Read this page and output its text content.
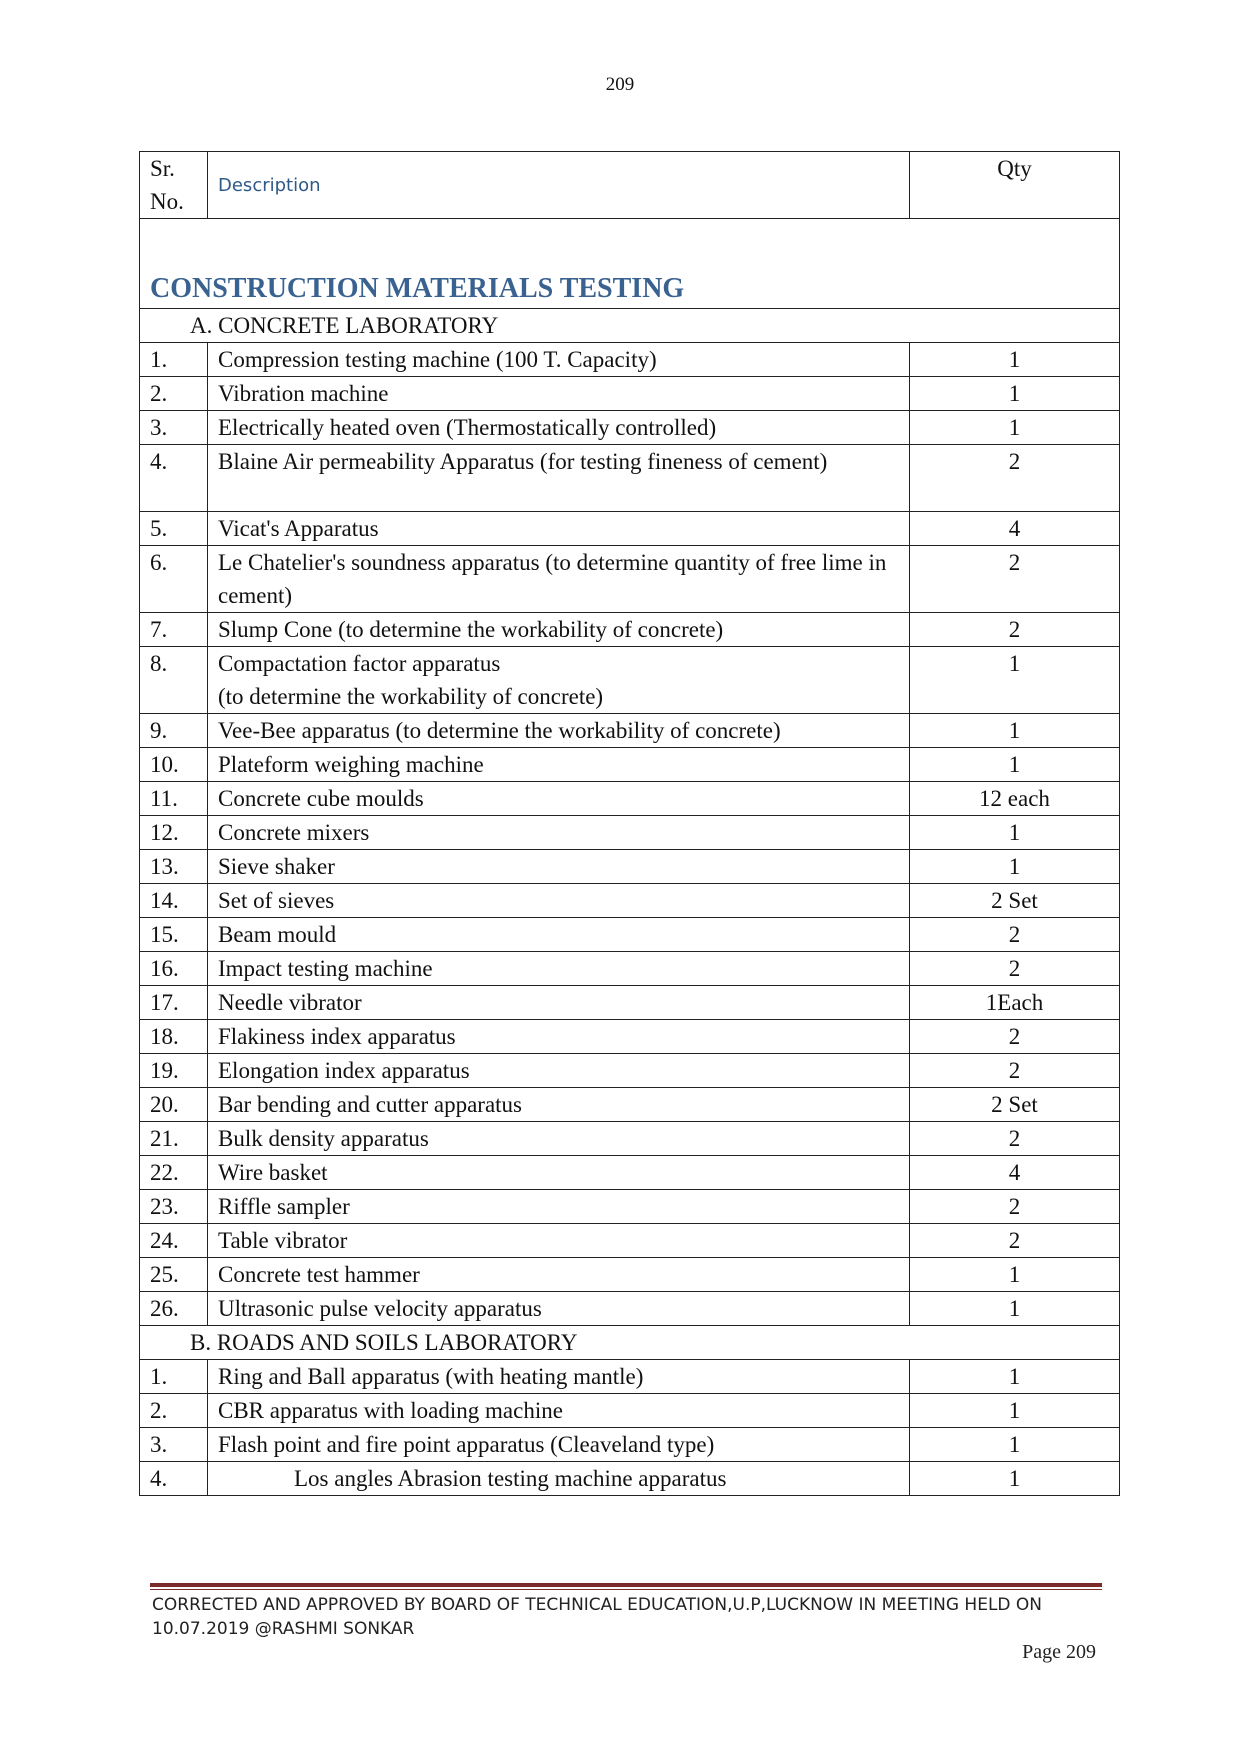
209
Sr. No.	Description	Qty
CONSTRUCTION MATERIALS TESTING		
A. CONCRETE LABORATORY		
1.	Compression testing machine (100 T. Capacity)	1
2.	Vibration machine	1
3.	Electrically heated oven (Thermostatically controlled)	1
4.	Blaine Air permeability Apparatus (for testing fineness of cement)	2
5.	Vicat's Apparatus	4
6.	Le Chatelier's soundness apparatus (to determine quantity of free lime in cement)	2
7.	Slump Cone (to determine the workability of concrete)	2
8.	Compactation factor apparatus
(to determine the workability of concrete)	1
9.	Vee-Bee apparatus (to determine the workability of concrete)	1
10.	Plateform weighing machine	1
11.	Concrete cube moulds	12 each
12.	Concrete mixers	1
13.	Sieve shaker	1
14.	Set of sieves	2 Set
15.	Beam mould	2
16.	Impact testing machine	2
17.	Needle vibrator	1Each
18.	Flakiness index apparatus	2
19.	Elongation index apparatus	2
20.	Bar bending and cutter apparatus	2 Set
21.	Bulk density apparatus	2
22.	Wire basket	4
23.	Riffle sampler	2
24.	Table vibrator	2
25.	Concrete test hammer	1
26.	Ultrasonic pulse velocity apparatus	1
B. ROADS AND SOILS LABORATORY		
1.	Ring and Ball apparatus (with heating mantle)	1
2.	CBR apparatus with loading machine	1
3.	Flash point and fire point apparatus (Cleaveland type)	1
4.	Los angles Abrasion testing machine apparatus	1
CORRECTED AND APPROVED BY BOARD OF TECHNICAL EDUCATION,U.P,LUCKNOW IN MEETING HELD ON 10.07.2019 @RASHMI SONKAR
Page 209
